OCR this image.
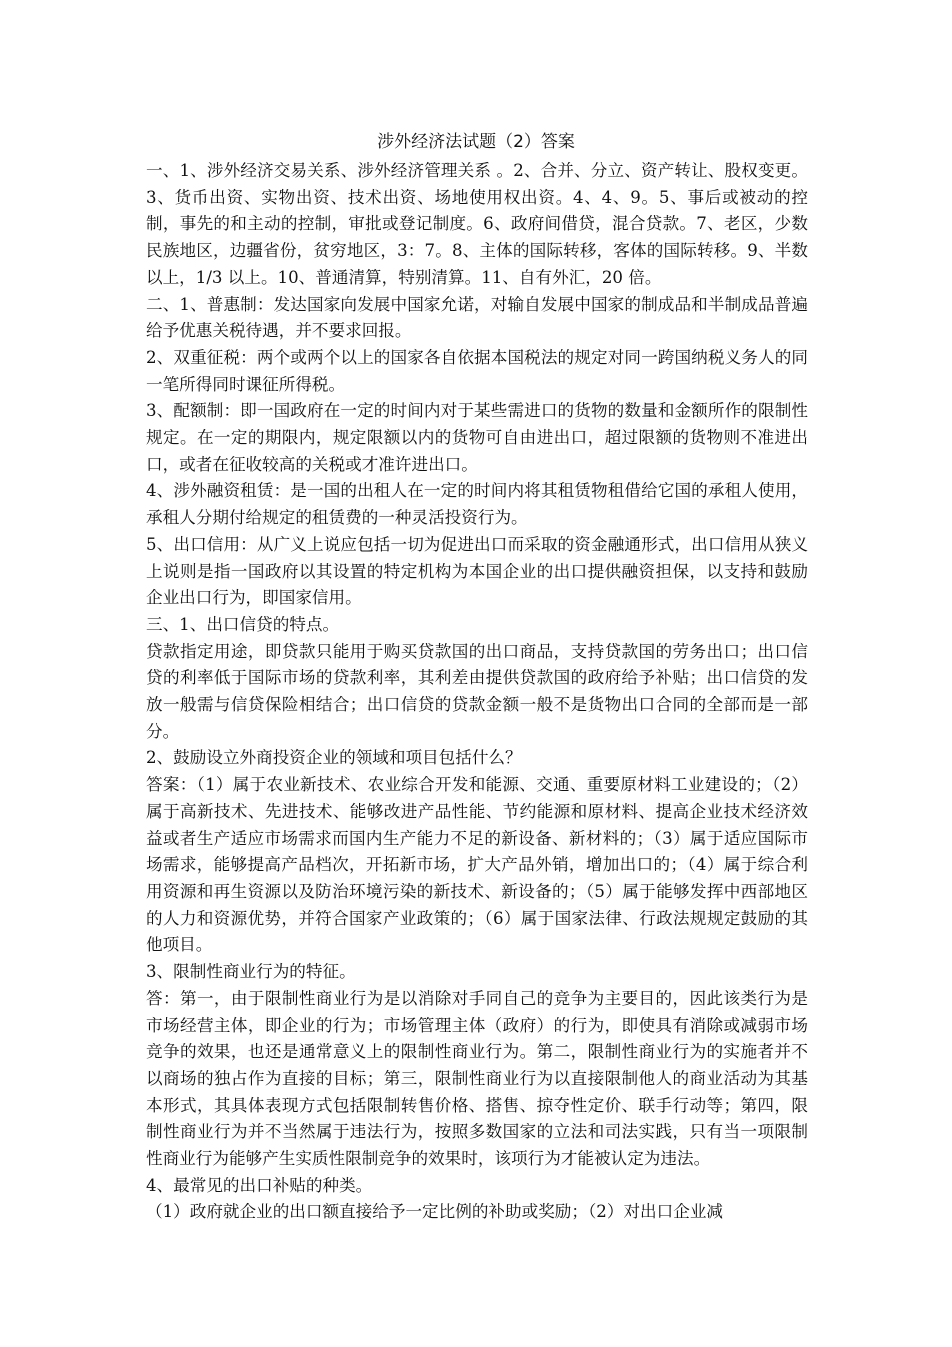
涉外经济法试题（2）答案

一、1、涉外经济交易关系、涉外经济管理关系 。2、合并、分立、资产转让、股权变更。3、货币出资、实物出资、技术出资、场地使用权出资。4、4、9。5、事后或被动的控制，事先的和主动的控制，审批或登记制度。6、政府间借贷，混合贷款。7、老区，少数民族地区，边疆省份，贫穷地区，3：7。8、主体的国际转移，客体的国际转移。9、半数以上，1/3 以上。10、普通清算，特别清算。11、自有外汇，20 倍。

二、1、普惠制：发达国家向发展中国家允诺，对输自发展中国家的制成品和半制成品普遍给予优惠关税待遇，并不要求回报。

2、双重征税：两个或两个以上的国家各自依据本国税法的规定对同一跨国纳税义务人的同一笔所得同时课征所得税。

3、配额制：即一国政府在一定的时间内对于某些需进口的货物的数量和金额所作的限制性规定。在一定的期限内，规定限额以内的货物可自由进出口，超过限额的货物则不准进出口，或者在征收较高的关税或才准许进出口。

4、涉外融资租赁：是一国的出租人在一定的时间内将其租赁物租借给它国的承租人使用，承租人分期付给规定的租赁费的一种灵活投资行为。

5、出口信用：从广义上说应包括一切为促进出口而采取的资金融通形式，出口信用从狭义上说则是指一国政府以其设置的特定机构为本国企业的出口提供融资担保，以支持和鼓励企业出口行为，即国家信用。

三、1、出口信贷的特点。

贷款指定用途，即贷款只能用于购买贷款国的出口商品，支持贷款国的劳务出口；出口信贷的利率低于国际市场的贷款利率，其利差由提供贷款国的政府给予补贴；出口信贷的发放一般需与信贷保险相结合；出口信贷的贷款金额一般不是货物出口合同的全部而是一部分。

2、鼓励设立外商投资企业的领域和项目包括什么？

答案：（1）属于农业新技术、农业综合开发和能源、交通、重要原材料工业建设的；（2）属于高新技术、先进技术、能够改进产品性能、节约能源和原材料、提高企业技术经济效益或者生产适应市场需求而国内生产能力不足的新设备、新材料的；（3）属于适应国际市场需求，能够提高产品档次，开拓新市场，扩大产品外销，增加出口的；（4）属于综合利用资源和再生资源以及防治环境污染的新技术、新设备的；（5）属于能够发挥中西部地区的人力和资源优势，并符合国家产业政策的；（6）属于国家法律、行政法规规定鼓励的其他项目。

3、限制性商业行为的特征。

答：第一，由于限制性商业行为是以消除对手同自己的竞争为主要目的，因此该类行为是市场经营主体，即企业的行为；市场管理主体（政府）的行为，即使具有消除或减弱市场竞争的效果，也还是通常意义上的限制性商业行为。第二，限制性商业行为的实施者并不以商场的独占作为直接的目标；第三，限制性商业行为以直接限制他人的商业活动为其基本形式，其具体表现方式包括限制转售价格、搭售、掠夺性定价、联手行动等；第四，限制性商业行为并不当然属于违法行为，按照多数国家的立法和司法实践，只有当一项限制性商业行为能够产生实质性限制竞争的效果时，该项行为才能被认定为违法。

4、最常见的出口补贴的种类。

（1）政府就企业的出口额直接给予一定比例的补助或奖励；（2）对出口企业减
